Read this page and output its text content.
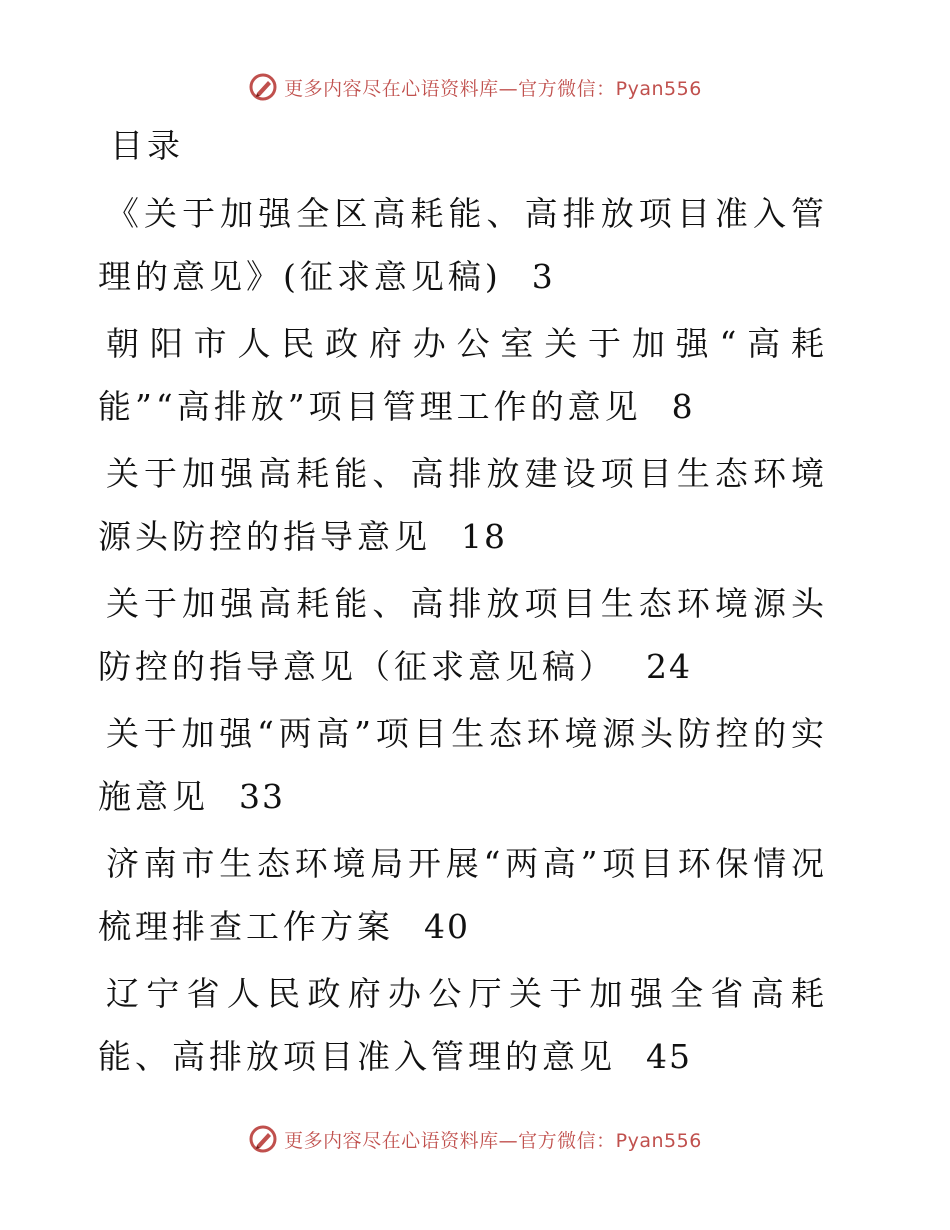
更多内容尽在心语资料库—官方微信：Pyan556
目录
《关于加强全区高耗能、高排放项目准入管理的意见》(征求意见稿) 3
朝阳市人民政府办公室关于加强“高耗能”“高排放”项目管理工作的意见 8
关于加强高耗能、高排放建设项目生态环境源头防控的指导意见 18
关于加强高耗能、高排放项目生态环境源头防控的指导意见（征求意见稿） 24
关于加强“两高”项目生态环境源头防控的实施意见 33
济南市生态环境局开展“两高”项目环保情况梳理排查工作方案 40
辽宁省人民政府办公厅关于加强全省高耗能、高排放项目准入管理的意见 45
更多内容尽在心语资料库—官方微信：Pyan556
